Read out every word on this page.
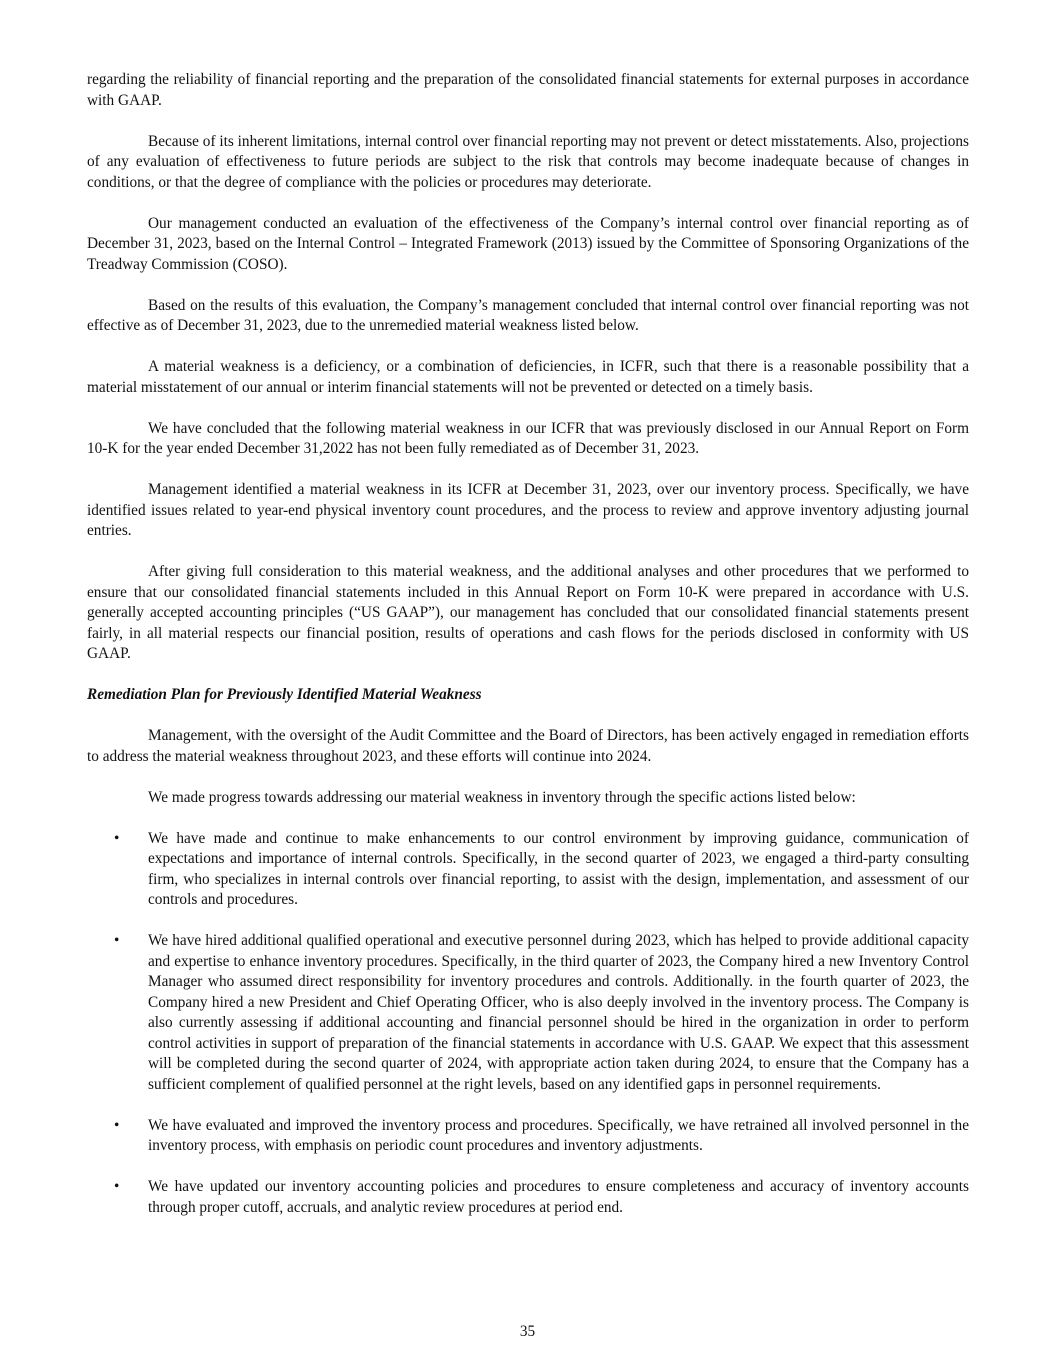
regarding the reliability of financial reporting and the preparation of the consolidated financial statements for external purposes in accordance with GAAP.

Because of its inherent limitations, internal control over financial reporting may not prevent or detect misstatements. Also, projections of any evaluation of effectiveness to future periods are subject to the risk that controls may become inadequate because of changes in conditions, or that the degree of compliance with the policies or procedures may deteriorate.

Our management conducted an evaluation of the effectiveness of the Company’s internal control over financial reporting as of December 31, 2023, based on the Internal Control – Integrated Framework (2013) issued by the Committee of Sponsoring Organizations of the Treadway Commission (COSO).

Based on the results of this evaluation, the Company’s management concluded that internal control over financial reporting was not effective as of December 31, 2023, due to the unremedied material weakness listed below.

A material weakness is a deficiency, or a combination of deficiencies, in ICFR, such that there is a reasonable possibility that a material misstatement of our annual or interim financial statements will not be prevented or detected on a timely basis.

We have concluded that the following material weakness in our ICFR that was previously disclosed in our Annual Report on Form 10-K for the year ended December 31,2022 has not been fully remediated as of December 31, 2023.

Management identified a material weakness in its ICFR at December 31, 2023, over our inventory process. Specifically, we have identified issues related to year-end physical inventory count procedures, and the process to review and approve inventory adjusting journal entries.

After giving full consideration to this material weakness, and the additional analyses and other procedures that we performed to ensure that our consolidated financial statements included in this Annual Report on Form 10-K were prepared in accordance with U.S. generally accepted accounting principles (“US GAAP”), our management has concluded that our consolidated financial statements present fairly, in all material respects our financial position, results of operations and cash flows for the periods disclosed in conformity with US GAAP.

Remediation Plan for Previously Identified Material Weakness

Management, with the oversight of the Audit Committee and the Board of Directors, has been actively engaged in remediation efforts to address the material weakness throughout 2023, and these efforts will continue into 2024.

We made progress towards addressing our material weakness in inventory through the specific actions listed below:

• We have made and continue to make enhancements to our control environment by improving guidance, communication of expectations and importance of internal controls. Specifically, in the second quarter of 2023, we engaged a third-party consulting firm, who specializes in internal controls over financial reporting, to assist with the design, implementation, and assessment of our controls and procedures.
• We have hired additional qualified operational and executive personnel during 2023, which has helped to provide additional capacity and expertise to enhance inventory procedures. Specifically, in the third quarter of 2023, the Company hired a new Inventory Control Manager who assumed direct responsibility for inventory procedures and controls. Additionally. in the fourth quarter of 2023, the Company hired a new President and Chief Operating Officer, who is also deeply involved in the inventory process. The Company is also currently assessing if additional accounting and financial personnel should be hired in the organization in order to perform control activities in support of preparation of the financial statements in accordance with U.S. GAAP. We expect that this assessment will be completed during the second quarter of 2024, with appropriate action taken during 2024, to ensure that the Company has a sufficient complement of qualified personnel at the right levels, based on any identified gaps in personnel requirements.
• We have evaluated and improved the inventory process and procedures. Specifically, we have retrained all involved personnel in the inventory process, with emphasis on periodic count procedures and inventory adjustments.
• We have updated our inventory accounting policies and procedures to ensure completeness and accuracy of inventory accounts through proper cutoff, accruals, and analytic review procedures at period end.
35
